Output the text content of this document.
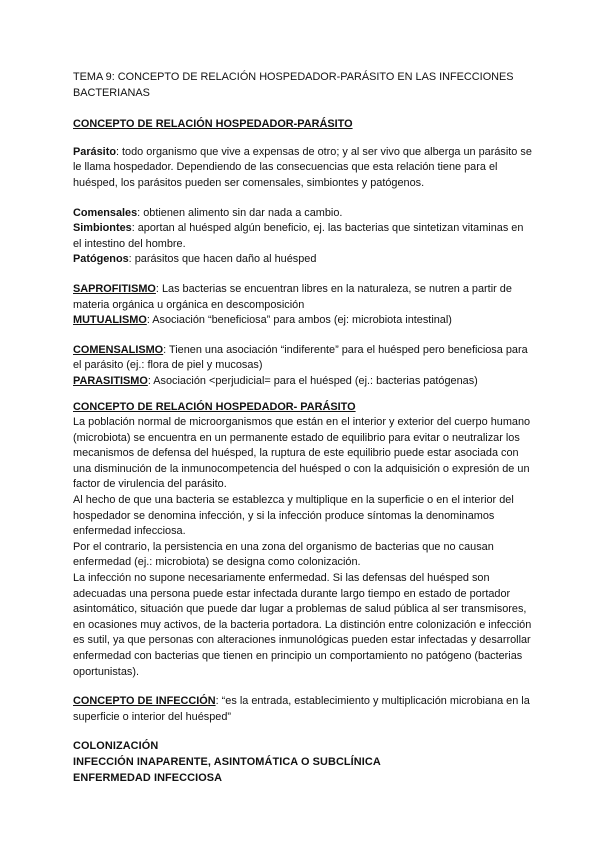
TEMA 9: CONCEPTO DE RELACIÓN HOSPEDADOR-PARÁSITO EN LAS INFECCIONES BACTERIANAS

CONCEPTO DE RELACIÓN HOSPEDADOR-PARÁSITO

Parásito: todo organismo que vive a expensas de otro; y al ser vivo que alberga un parásito se le llama hospedador. Dependiendo de las consecuencias que esta relación tiene para el huésped, los parásitos pueden ser comensales, simbiontes y patógenos.

Comensales: obtienen alimento sin dar nada a cambio.

Simbiontes: aportan al huésped algún beneficio, ej. las bacterias que sintetizan vitaminas en el intestino del hombre.

Patógenos: parásitos que hacen daño al huésped

SAPROFITISMO: Las bacterias se encuentran libres en la naturaleza, se nutren a partir de materia orgánica u orgánica en descomposición

MUTUALISMO: Asociación “beneficiosa” para ambos (ej: microbiota intestinal)

COMENSALISMO: Tienen una asociación “indiferente” para el huésped pero beneficiosa para el parásito (ej.: flora de piel y mucosas)

PARASITISMO: Asociación <perjudicial= para el huésped (ej.: bacterias patógenas)

CONCEPTO DE RELACIÓN HOSPEDADOR- PARÁSITO

La población normal de microorganismos que están en el interior y exterior del cuerpo humano (microbiota) se encuentra en un permanente estado de equilibrio para evitar o neutralizar los mecanismos de defensa del huésped, la ruptura de este equilibrio puede estar asociada con una disminución de la inmunocompetencia del huésped o con la adquisición o expresión de un factor de virulencia del parásito.

Al hecho de que una bacteria se establezca y multiplique en la superficie o en el interior del hospedador se denomina infección, y si la infección produce síntomas la denominamos enfermedad infecciosa.

Por el contrario, la persistencia en una zona del organismo de bacterias que no causan enfermedad (ej.: microbiota) se designa como colonización.

La infección no supone necesariamente enfermedad. Si las defensas del huésped son adecuadas una persona puede estar infectada durante largo tiempo en estado de portador asintomático, situación que puede dar lugar a problemas de salud pública al ser transmisores, en ocasiones muy activos, de la bacteria portadora. La distinción entre colonización e infección es sutil, ya que personas con alteraciones inmunológicas pueden estar infectadas y desarrollar enfermedad con bacterias que tienen en principio un comportamiento no patógeno (bacterias oportunistas).

CONCEPTO DE INFECCIÓN: “es la entrada, establecimiento y multiplicación microbiana en la superficie o interior del huésped”

COLONIZACIÓN

INFECCIÓN INAPARENTE, ASINTOMÁTICA O SUBCLÍNICA

ENFERMEDAD INFECCIOSA
